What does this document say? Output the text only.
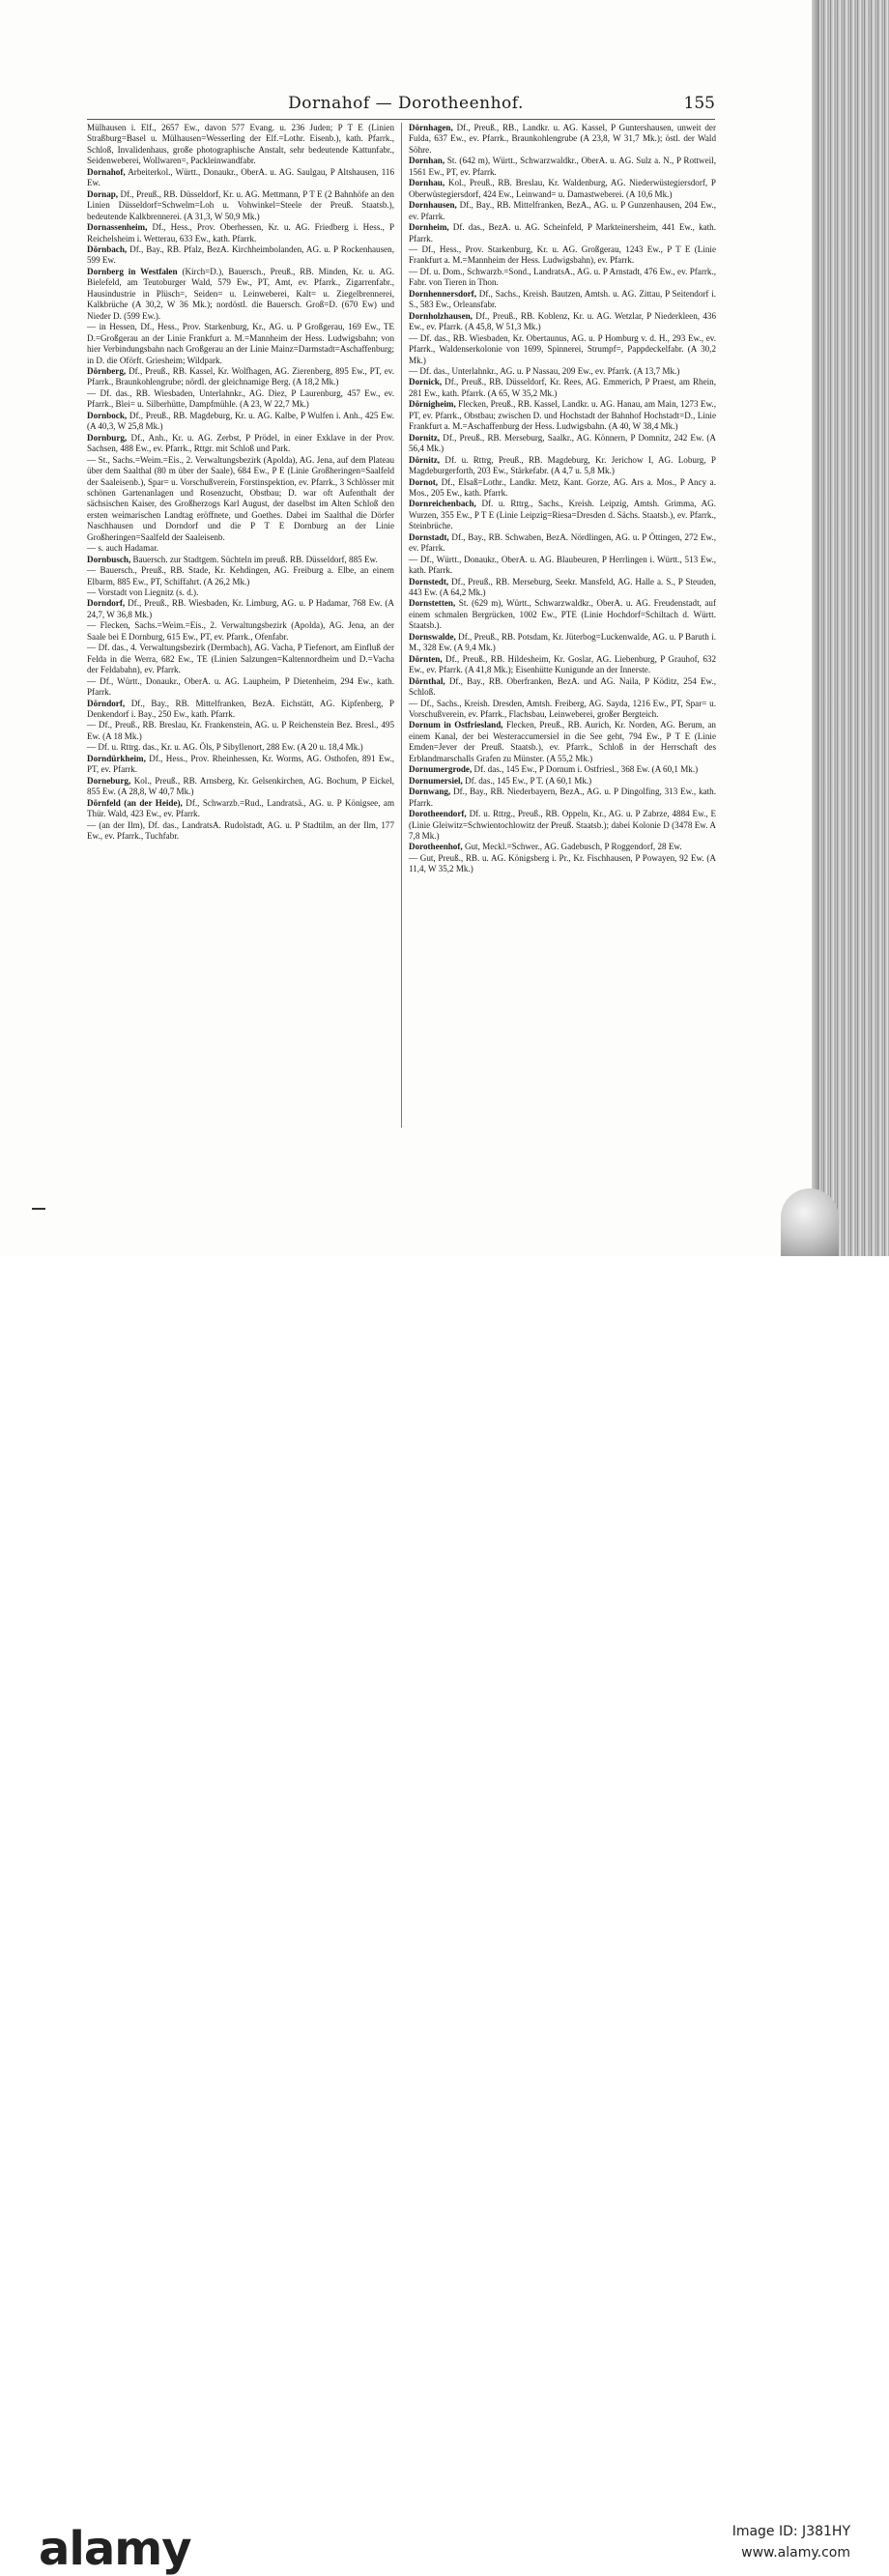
Dornahof — Dorotheenhof.	155

Mülhausen i. Elf., 2657 Ew., davon 577 Evang. u. 236 Juden; P T E (Linien Straßburg=Basel u. Mülhausen=Wesserling der Elf.=Lothr. Eisenb.), kath. Pfarrk., Schloß, Invalidenhaus, große photographische Anstalt, sehr bedeutende Kattunfabr., Seidenweberei, Wollwaren=, Packleinwandfabr.

Dornahof, Arbeiterkol., Württ., Donaukr., OberA. u. AG. Saulgau, P Altshausen, 116 Ew.

Dornap, Df., Preuß., RB. Düsseldorf, Kr. u. AG. Mettmann, P T E (2 Bahnhöfe an den Linien Düsseldorf=Schwelm=Loh u. Vohwinkel=Steele der Preuß. Staatsb.), bedeutende Kalkbrennerei. (A 31,3, W 50,9 Mk.)

Dornassenheim, Df., Hess., Prov. Oberhessen, Kr. u. AG. Friedberg i. Hess., P Reichelsheim i. Wetterau, 633 Ew., kath. Pfarrk.

Dörnbach, Df., Bay., RB. Pfalz, BezA. Kirchheimbolanden, AG. u. P Rockenhausen, 599 Ew.

Dornberg in Westfalen (Kirch=D.), Bauersch., Preuß., RB. Minden, Kr. u. AG. Bielefeld, am Teutoburger Wald, 579 Ew., PT, Amt, ev. Pfarrk., Zigarrenfabr., Hausindustrie in Plüsch=, Seiden= u. Leinweberei, Kalt= u. Ziegelbrennerei, Kalkbrüche (A 30,2, W 36 Mk.); nordöstl. die Bauersch. Groß=D. (670 Ew) und Nieder D. (599 Ew.).

— in Hessen, Df., Hess., Prov. Starkenburg, Kr., AG. u. P Großgerau, 169 Ew., TE D.=Großgerau an der Linie Frankfurt a. M.=Mannheim der Hess. Ludwigsbahn; von hier Verbindungsbahn nach Großgerau an der Linie Mainz=Darmstadt=Aschaffenburg; in D. die Oförft. Griesheim; Wildpark.

Dörnberg, Df., Preuß., RB. Kassel, Kr. Wolfhagen, AG. Zierenberg, 895 Ew., PT, ev. Pfarrk., Braunkohlengrube; nördl. der gleichnamige Berg. (A 18,2 Mk.)

— Df. das., RB. Wiesbaden, Unterlahnkr., AG. Diez, P Laurenburg, 457 Ew., ev. Pfarrk., Blei= u. Silberhütte, Dampfmühle. (A 23, W 22,7 Mk.)

Dornbock, Df., Preuß., RB. Magdeburg, Kr. u. AG. Kalbe, P Wulfen i. Anh., 425 Ew. (A 40,3, W 25,8 Mk.)

Dornburg, Df., Anh., Kr. u. AG. Zerbst, P Prödel, in einer Exklave in der Prov. Sachsen, 488 Ew., ev. Pfarrk., Rttgr. mit Schloß und Park.

— St., Sachs.=Weim.=Eis., 2. Verwaltungsbezirk (Apolda), AG. Jena, auf dem Plateau über dem Saalthal (80 m über der Saale), 684 Ew., P E (Linie Großheringen=Saalfeld der Saaleisenb.), Spar= u. Vorschußverein, Forstinspektion, ev. Pfarrk., 3 Schlösser mit schönen Gartenanlagen und Rosenzucht, Obstbau; D. war oft Aufenthalt der sächsischen Kaiser, des Großherzogs Karl August, der daselbst im Alten Schloß den ersten weimarischen Landtag eröffnete, und Goethes. Dabei im Saalthal die Dörfer Naschhausen und Dorndorf und die P T E Dornburg an der Linie Großheringen=Saalfeld der Saaleisenb.

— s. auch Hadamar.

Dornbusch, Bauersch. zur Stadtgem. Süchteln im preuß. RB. Düsseldorf, 885 Ew.

— Bauersch., Preuß., RB. Stade, Kr. Kehdingen, AG. Freiburg a. Elbe, an einem Elbarm, 885 Ew., PT, Schiffahrt. (A 26,2 Mk.)

— Vorstadt von Liegnitz (s. d.).

Dorndorf, Df., Preuß., RB. Wiesbaden, Kr. Limburg, AG. u. P Hadamar, 768 Ew. (A 24,7, W 36,8 Mk.)

— Flecken, Sachs.=Weim.=Eis., 2. Verwaltungsbezirk (Apolda), AG. Jena, an der Saale bei E Dornburg, 615 Ew., PT, ev. Pfarrk., Ofenfabr.

— Df. das., 4. Verwaltungsbezirk (Dermbach), AG. Vacha, P Tiefenort, am Einfluß der Felda in die Werra, 682 Ew., TE (Linien Salzungen=Kaltennordheim und D.=Vacha der Feldabahn), ev. Pfarrk.

— Df., Württ., Donaukr., OberA. u. AG. Laupheim, P Dietenheim, 294 Ew., kath. Pfarrk.

Dörndorf, Df., Bay., RB. Mittelfranken, BezA. Eichstätt, AG. Kipfenberg, P Denkendorf i. Bay., 250 Ew., kath. Pfarrk.

— Df., Preuß., RB. Breslau, Kr. Frankenstein, AG. u. P Reichenstein Bez. Bresl., 495 Ew. (A 18 Mk.)

— Df. u. Rttrg. das., Kr. u. AG. Öls, P Sibyllenort, 288 Ew. (A 20 u. 18,4 Mk.)

Dorndürkheim, Df., Hess., Prov. Rheinhessen, Kr. Worms, AG. Osthofen, 891 Ew., PT, ev. Pfarrk.

Dorneburg, Kol., Preuß., RB. Arnsberg, Kr. Gelsenkirchen, AG. Bochum, P Eickel, 855 Ew. (A 28,8, W 40,7 Mk.)

Dörnfeld (an der Heide), Df., Schwarzb.=Rud., Landratsä., AG. u. P Königsee, am Thür. Wald, 423 Ew., ev. Pfarrk.

— (an der Ilm), Df. das., LandratsA. Rudolstadt, AG. u. P Stadtilm, an der Ilm, 177 Ew., ev. Pfarrk., Tuchfabr.

Dörnhagen, Df., Preuß., RB., Landkr. u. AG. Kassel, P Guntershausen, unweit der Fulda, 637 Ew., ev. Pfarrk., Braunkohlengrube (A 23,8, W 31,7 Mk.); östl. der Wald Söhre.

Dornhan, St. (642 m), Württ., Schwarzwaldkr., OberA. u. AG. Sulz a. N., P Rottweil, 1561 Ew., PT, ev. Pfarrk.

Dornhau, Kol., Preuß., RB. Breslau, Kr. Waldenburg, AG. Niederwüstegiersdorf, P Oberwüstegiersdorf, 424 Ew., Leinwand= u. Damastweberei. (A 10,6 Mk.)

Dornhausen, Df., Bay., RB. Mittelfranken, BezA., AG. u. P Gunzenhausen, 204 Ew., ev. Pfarrk.

Dornheim, Df. das., BezA. u. AG. Scheinfeld, P Markteinersheim, 441 Ew., kath. Pfarrk.

— Df., Hess., Prov. Starkenburg, Kr. u. AG. Großgerau, 1243 Ew., P T E (Linie Frankfurt a. M.=Mannheim der Hess. Ludwigsbahn), ev. Pfarrk.

— Df. u. Dom., Schwarzb.=Sond., LandratsA., AG. u. P Arnstadt, 476 Ew., ev. Pfarrk., Fabr. von Tieren in Thon.

Dornhennersdorf, Df., Sachs., Kreish. Bautzen, Amtsh. u. AG. Zittau, P Seitendorf i. S., 583 Ew., Orleansfabr.

Dornholzhausen, Df., Preuß., RB. Koblenz, Kr. u. AG. Wetzlar, P Niederkleen, 436 Ew., ev. Pfarrk. (A 45,8, W 51,3 Mk.)

— Df. das., RB. Wiesbaden, Kr. Obertaunus, AG. u. P Homburg v. d. H., 293 Ew., ev. Pfarrk., Waldenserkolonie von 1699, Spinnerei, Strumpf=, Pappdeckelfabr. (A 30,2 Mk.)

— Df. das., Unterlahnkr., AG. u. P Nassau, 209 Ew., ev. Pfarrk. (A 13,7 Mk.)

Dornick, Df., Preuß., RB. Düsseldorf, Kr. Rees, AG. Emmerich, P Praest, am Rhein, 281 Ew., kath. Pfarrk. (A 65, W 35,2 Mk.)

Dörnigheim, Flecken, Preuß., RB. Kassel, Landkr. u. AG. Hanau, am Main, 1273 Ew., PT, ev. Pfarrk., Obstbau; zwischen D. und Hochstadt der Bahnhof Hochstadt=D., Linie Frankfurt a. M.=Aschaffenburg der Hess. Ludwigsbahn. (A 40, W 38,4 Mk.)

Dornitz, Df., Preuß., RB. Merseburg, Saalkr., AG. Könnern, P Domnitz, 242 Ew. (A 56,4 Mk.)

Dörnitz, Df. u. Rttrg, Preuß., RB. Magdeburg, Kr. Jerichow I, AG. Loburg, P Magdeburgerforth, 203 Ew., Stärkefabr. (A 4,7 u. 5,8 Mk.)

Dornot, Df., Elsaß=Lothr., Landkr. Metz, Kant. Gorze, AG. Ars a. Mos., P Ancy a. Mos., 205 Ew., kath. Pfarrk.

Dornreichenbach, Df. u. Rttrg., Sachs., Kreish. Leipzig, Amtsh. Grimma, AG. Wurzen, 355 Ew., P T E (Linie Leipzig=Riesa=Dresden d. Sächs. Staatsb.), ev. Pfarrk., Steinbrüche.

Dornstadt, Df., Bay., RB. Schwaben, BezA. Nördlingen, AG. u. P Öttingen, 272 Ew., ev. Pfarrk.

— Df., Württ., Donaukr., OberA. u. AG. Blaubeuren, P Herrlingen i. Württ., 513 Ew., kath. Pfarrk.

Dornstedt, Df., Preuß., RB. Merseburg, Seekr. Mansfeld, AG. Halle a. S., P Steuden, 443 Ew. (A 64,2 Mk.)

Dornstetten, St. (629 m), Württ., Schwarzwaldkr., OberA. u. AG. Freudenstadt, auf einem schmalen Bergrücken, 1002 Ew., PTE (Linie Hochdorf=Schiltach d. Württ. Staatsb.).

Dornswalde, Df., Preuß., RB. Potsdam, Kr. Jüterbog=Luckenwalde, AG. u. P Baruth i. M., 328 Ew. (A 9,4 Mk.)

Dörnten, Df., Preuß., RB. Hildesheim, Kr. Goslar, AG. Liebenburg, P Grauhof, 632 Ew., ev. Pfarrk. (A 41,8 Mk.); Eisenhütte Kunigunde an der Innerste.

Dörnthal, Df., Bay., RB. Oberfranken, BezA. und AG. Naila, P Köditz, 254 Ew., Schloß.

— Df., Sachs., Kreish. Dresden, Amtsh. Freiberg, AG. Sayda, 1216 Ew., PT, Spar= u. Vorschußverein, ev. Pfarrk., Flachsbau, Leinweberei, großer Bergteich.

Dornum in Ostfriesland, Flecken, Preuß., RB. Aurich, Kr. Norden, AG. Berum, an einem Kanal, der bei Westeraccumersiel in die See geht, 794 Ew., P T E (Linie Emden=Jever der Preuß. Staatsb.), ev. Pfarrk., Schloß in der Herrschaft des Erblandmarschalls Grafen zu Münster. (A 55,2 Mk.)

Dornumergrode, Df. das., 145 Ew., P Dornum i. Ostfriesl., 368 Ew. (A 60,1 Mk.)

Dornumersiel, Df. das., 145 Ew., P T. (A 60,1 Mk.)

Dornwang, Df., Bay., RB. Niederbayern, BezA., AG. u. P Dingolfing, 313 Ew., kath. Pfarrk.

Dorotheendorf, Df. u. Rttrg., Preuß., RB. Oppeln, Kr., AG. u. P Zabrze, 4884 Ew., E (Linie Gleiwitz=Schwientochlowitz der Preuß. Staatsb.); dabei Kolonie D (3478 Ew. A 7,8 Mk.)

Dorotheenhof, Gut, Meckl.=Schwer., AG. Gadebusch, P Roggendorf, 28 Ew.

— Gut, Preuß., RB. u. AG. Königsberg i. Pr., Kr. Fischhausen, P Powayen, 92 Ew. (A 11,4, W 35,2 Mk.)

alamy	Image ID: J381HY
www.alamy.com
